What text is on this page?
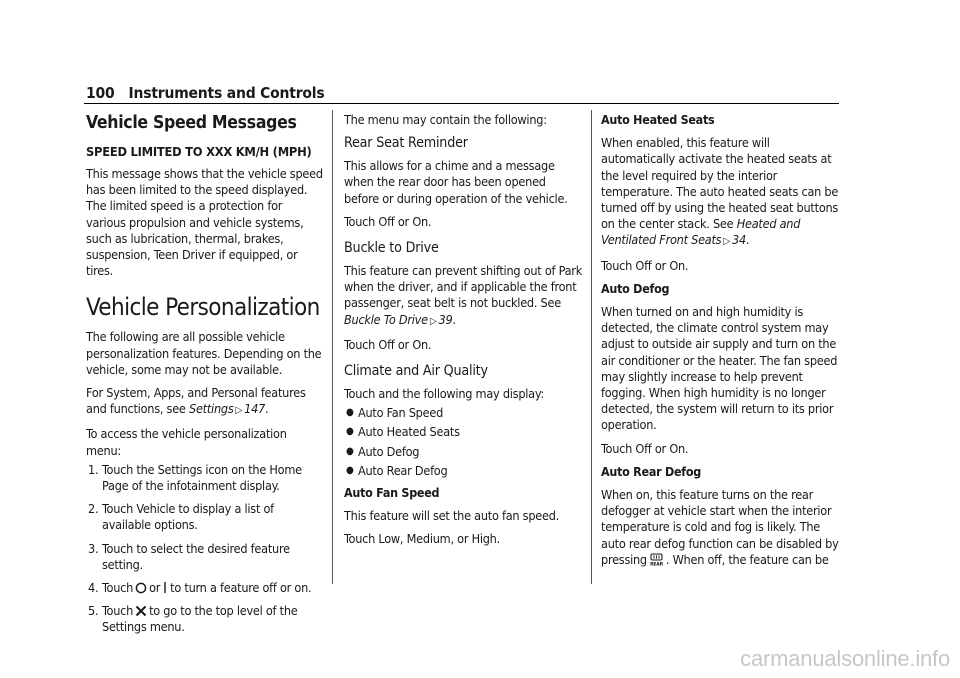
100 Instruments and Controls
Vehicle Speed Messages
SPEED LIMITED TO XXX KM/H (MPH)

This message shows that the vehicle speed has been limited to the speed displayed. The limited speed is a protection for various propulsion and vehicle systems, such as lubrication, thermal, brakes, suspension, Teen Driver if equipped, or tires.

Vehicle Personalization

The following are all possible vehicle personalization features. Depending on the vehicle, some may not be available.

For System, Apps, and Personal features and functions, see Settings ▷ 147.

To access the vehicle personalization menu:

1. Touch the Settings icon on the Home Page of the infotainment display.
2. Touch Vehicle to display a list of available options.
3. Touch to select the desired feature setting.
4. Touch or to turn a feature off or on.
5. Touch to go to the top level of the Settings menu.

The menu may contain the following:

Rear Seat Reminder

This allows for a chime and a message when the rear door has been opened before or during operation of the vehicle.

Touch Off or On.

Buckle to Drive

This feature can prevent shifting out of Park when the driver, and if applicable the front passenger, seat belt is not buckled. See Buckle To Drive ▷ 39.

Touch Off or On.

Climate and Air Quality

Touch and the following may display:

● Auto Fan Speed
● Auto Heated Seats
● Auto Defog
● Auto Rear Defog
Auto Fan Speed

This feature will set the auto fan speed.

Touch Low, Medium, or High.

Auto Heated Seats

When enabled, this feature will automatically activate the heated seats at the level required by the interior temperature. The auto heated seats can be turned off by using the heated seat buttons on the center stack. See Heated and Ventilated Front Seats ▷ 34.

Touch Off or On.

Auto Defog

When turned on and high humidity is detected, the climate control system may adjust to outside air supply and turn on the air conditioner or the heater. The fan speed may slightly increase to help prevent fogging. When high humidity is no longer detected, the system will return to its prior operation.

Touch Off or On.

Auto Rear Defog

When on, this feature turns on the rear defogger at vehicle start when the interior temperature is cold and fog is likely. The auto rear defog function can be disabled by pressing REAR . When off, the feature can be

carmanualsonline.info
